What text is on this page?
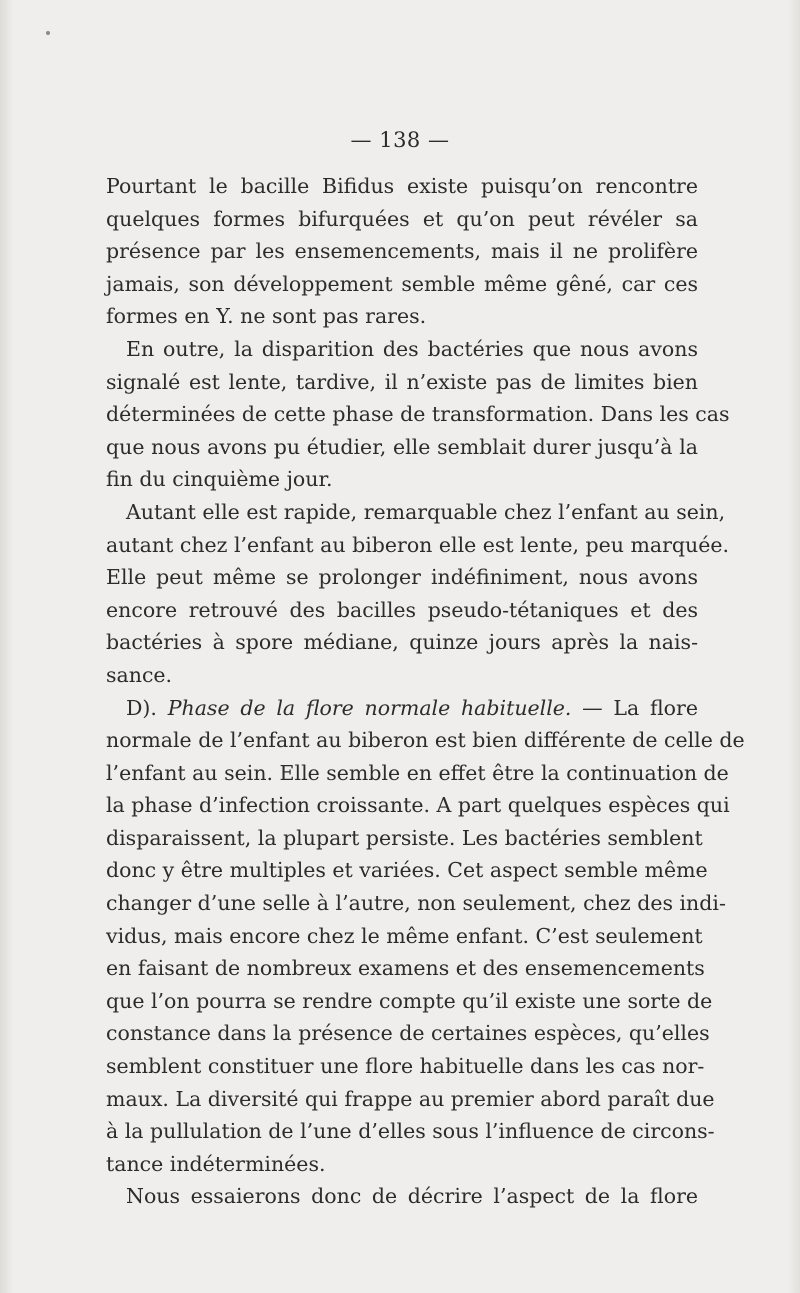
— 138 —
Pourtant le bacille Bifidus existe puisqu’on rencontre
quelques formes bifurquées et qu’on peut révéler sa
présence par les ensemencements, mais il ne prolifère
jamais, son développement semble même gêné, car ces
formes en Y. ne sont pas rares.
En outre, la disparition des bactéries que nous avons
signalé est lente, tardive, il n’existe pas de limites bien
déterminées de cette phase de transformation. Dans les cas
que nous avons pu étudier, elle semblait durer jusqu’à la
fin du cinquième jour.
Autant elle est rapide, remarquable chez l’enfant au sein,
autant chez l’enfant au biberon elle est lente, peu marquée.
Elle peut même se prolonger indéfiniment, nous avons
encore retrouvé des bacilles pseudo-tétaniques et des
bactéries à spore médiane, quinze jours après la nais-
sance.
D). Phase de la flore normale habituelle. — La flore
normale de l’enfant au biberon est bien différente de celle de
l’enfant au sein. Elle semble en effet être la continuation de
la phase d’infection croissante. A part quelques espèces qui
disparaissent, la plupart persiste. Les bactéries semblent
donc y être multiples et variées. Cet aspect semble même
changer d’une selle à l’autre, non seulement, chez des indi-
vidus, mais encore chez le même enfant. C’est seulement
en faisant de nombreux examens et des ensemencements
que l’on pourra se rendre compte qu’il existe une sorte de
constance dans la présence de certaines espèces, qu’elles
semblent constituer une flore habituelle dans les cas nor-
maux. La diversité qui frappe au premier abord paraît due
à la pullulation de l’une d’elles sous l’influence de circons-
tance indéterminées.
Nous essaierons donc de décrire l’aspect de la flore
